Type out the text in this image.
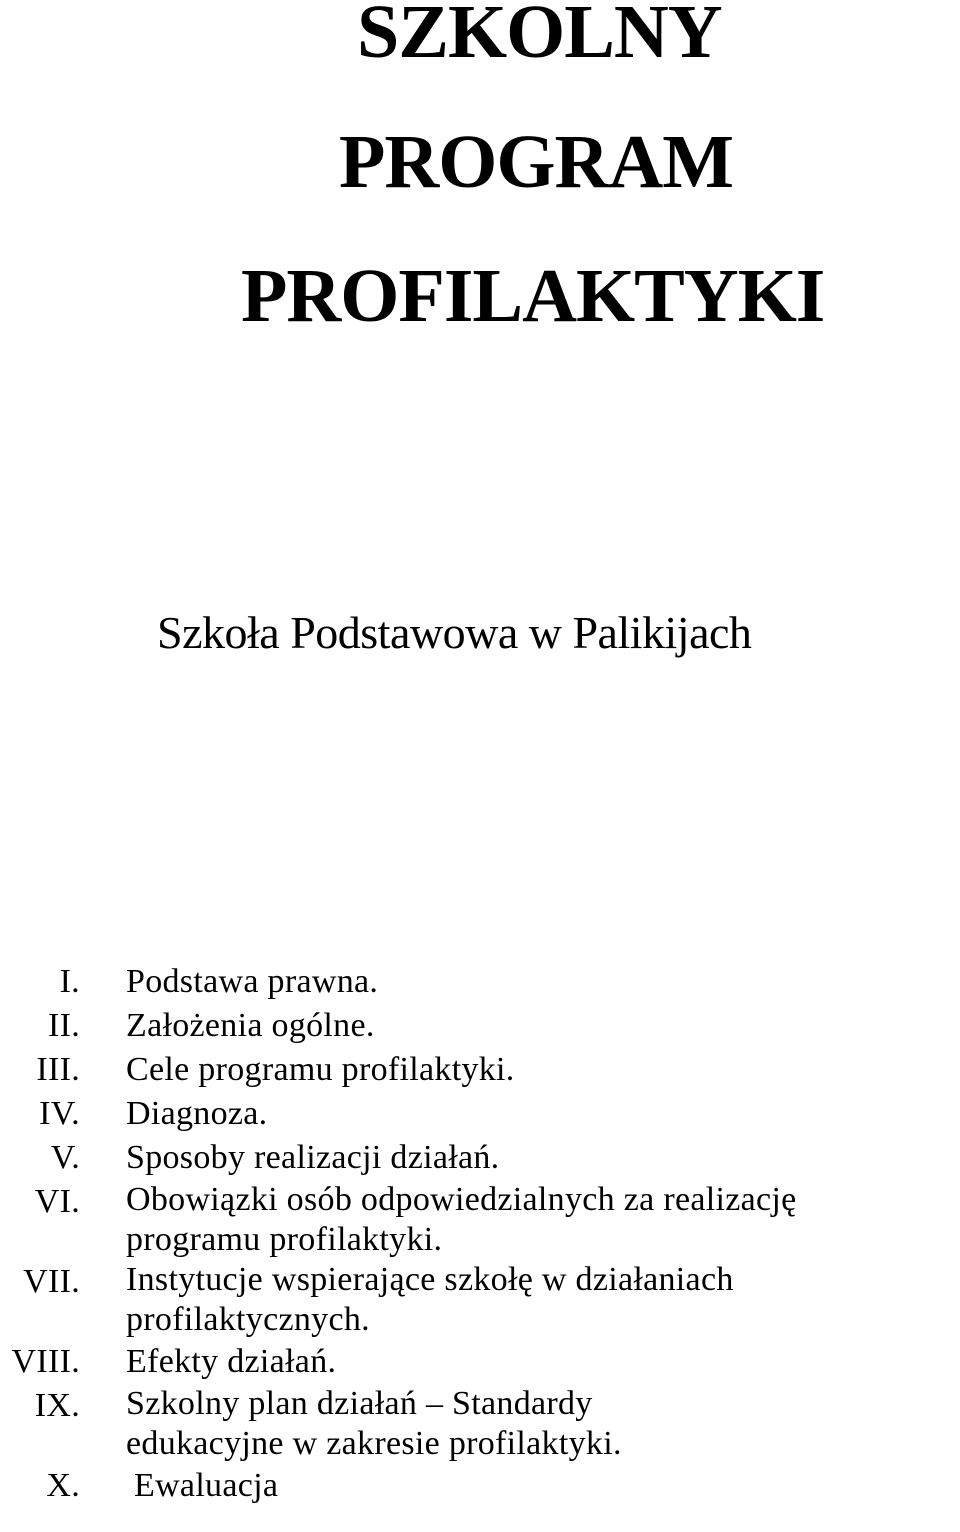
SZKOLNY
PROGRAM
PROFILAKTYKI
Szkoła Podstawowa w Palikijach
I. Podstawa prawna.
II. Założenia ogólne.
III. Cele programu profilaktyki.
IV. Diagnoza.
V. Sposoby realizacji działań.
VI. Obowiązki osób odpowiedzialnych za realizację
programu profilaktyki.
VII. Instytucje wspierające szkołę w działaniach
profilaktycznych.
VIII. Efekty działań.
IX. Szkolny plan działań – Standardy
edukacyjne w zakresie profilaktyki.
X. Ewaluacja
